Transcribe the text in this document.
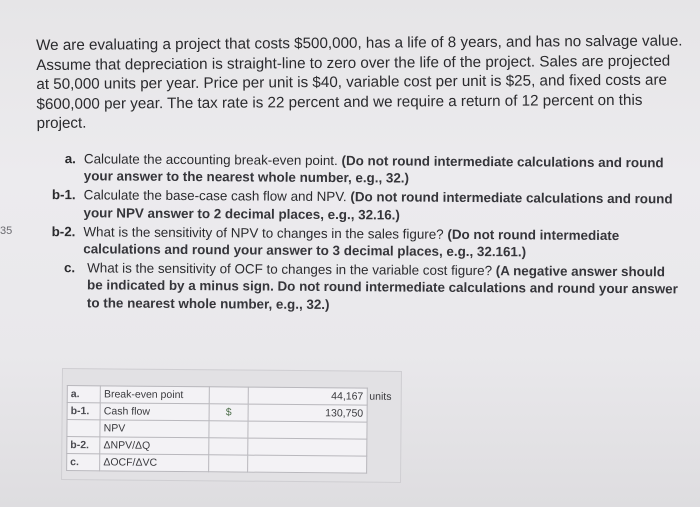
35
We are evaluating a project that costs $500,000, has a life of 8 years, and has no salvage value. Assume that depreciation is straight-line to zero over the life of the project. Sales are projected at 50,000 units per year. Price per unit is $40, variable cost per unit is $25, and fixed costs are $600,000 per year. The tax rate is 22 percent and we require a return of 12 percent on this project.
a. Calculate the accounting break-even point. (Do not round intermediate calculations and round your answer to the nearest whole number, e.g., 32.)
b-1. Calculate the base-case cash flow and NPV. (Do not round intermediate calculations and round your NPV answer to 2 decimal places, e.g., 32.16.)
b-2. What is the sensitivity of NPV to changes in the sales figure? (Do not round intermediate calculations and round your answer to 3 decimal places, e.g., 32.161.)
c. What is the sensitivity of OCF to changes in the variable cost figure? (A negative answer should be indicated by a minus sign. Do not round intermediate calculations and round your answer to the nearest whole number, e.g., 32.)
a.	Break-even point		44,167	units
b-1.	Cash flow	$	130,750	
	NPV			
b-2.	ΔNPV/ΔQ			
c.	ΔOCF/ΔVC			
